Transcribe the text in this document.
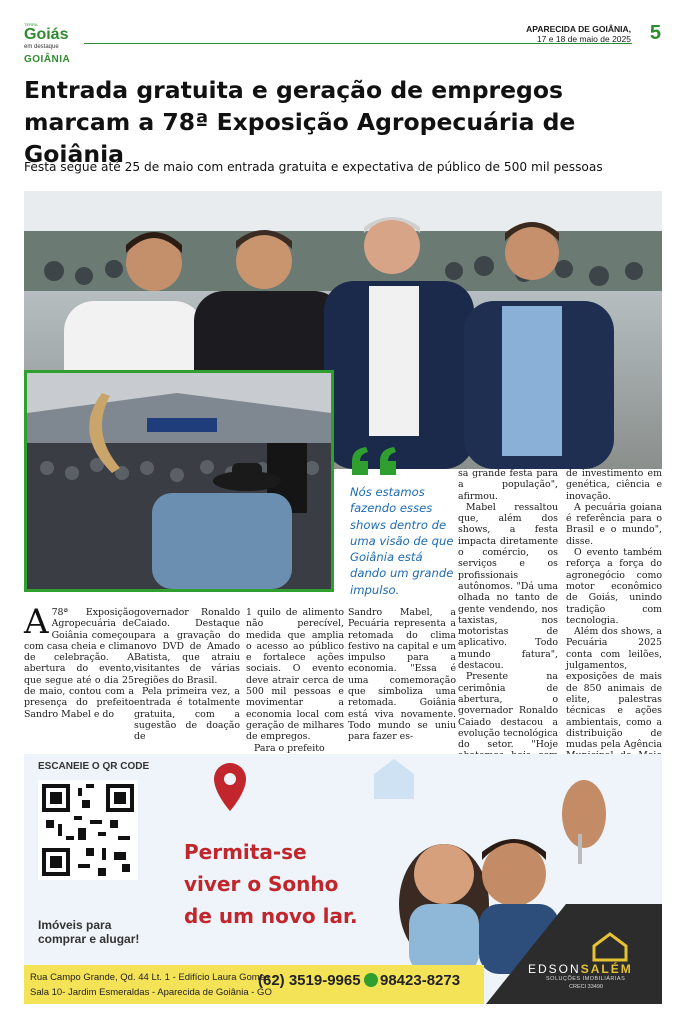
TERRA
Goiás
em destaque
APARECIDA DE GOIÂNIA,
17 e 18 de maio de 2025 5
GOIÂNIA
Entrada gratuita e geração de empregos marcam a 78ª Exposição Agropecuária de Goiânia
Festa segue até 25 de maio com entrada gratuita e expectativa de público de 500 mil pessoas
Nós estamos fazendo esses shows dentro de uma visão de que Goiânia está dando um grande impulso.
A 78ª Exposição Agropecuária de Goiânia começou com casa cheia e clima de celebração. A abertura do evento, que segue até o dia 25 de maio, contou com a presença do prefeito Sandro Mabel e do

governador Ronaldo Caiado. Destaque para a gravação do novo DVD de Amado Batista, que atraiu visitantes de várias regiões do Brasil.

Pela primeira vez, a entrada é totalmente gratuita, com a sugestão de doação de

1 quilo de alimento não perecível, medida que amplia o acesso ao público e fortalece ações sociais. O evento deve atrair cerca de 500 mil pessoas e movimentar a economia local com geração de milhares de empregos.

Para o prefeito

Sandro Mabel, a Pecuária representa a retomada do clima festivo na capital e um impulso para a economia. "Essa é uma comemoração que simboliza uma retomada. Goiânia está viva novamente. Todo mundo se uniu para fazer es-

sa grande festa para a população", afirmou.

Mabel ressaltou que, além dos shows, a festa impacta diretamente o comércio, os serviços e os profissionais autônomos. "Dá uma olhada no tanto de gente vendendo, nos taxistas, nos motoristas de aplicativo. Todo mundo fatura", destacou.

Presente na cerimônia de abertura, o governador Ronaldo Caiado destacou a evolução tecnológica do setor. "Hoje

de investimento em genética, ciência e inovação.

A pecuária goiana é referência para o Brasil e o mundo", disse.

O evento também reforça a força do agronegócio como motor econômico de Goiás, unindo tradição com tecnologia.

Além dos shows, a Pecuária 2025 conta com leilões, julgamentos, exposições de mais de 850 animais de elite, palestras técnicas e ações ambientais, como a distribuição de mudas pela Agência

ESCANEIE O QR CODE
Imóveis para
comprar e alugar!
Permita-se
viver o Sonho
de um novo lar.
Rua Campo Grande, Qd. 44 Lt. 1 - Edifício Laura Gomes -
Sala 10- Jardim Esmeraldas - Aparecida de Goiânia - GO
(62) 3519-9965 98423-8273
EDSONSALÉM
SOLUÇÕES IMOBILIÁRIAS
CRECI 33490
